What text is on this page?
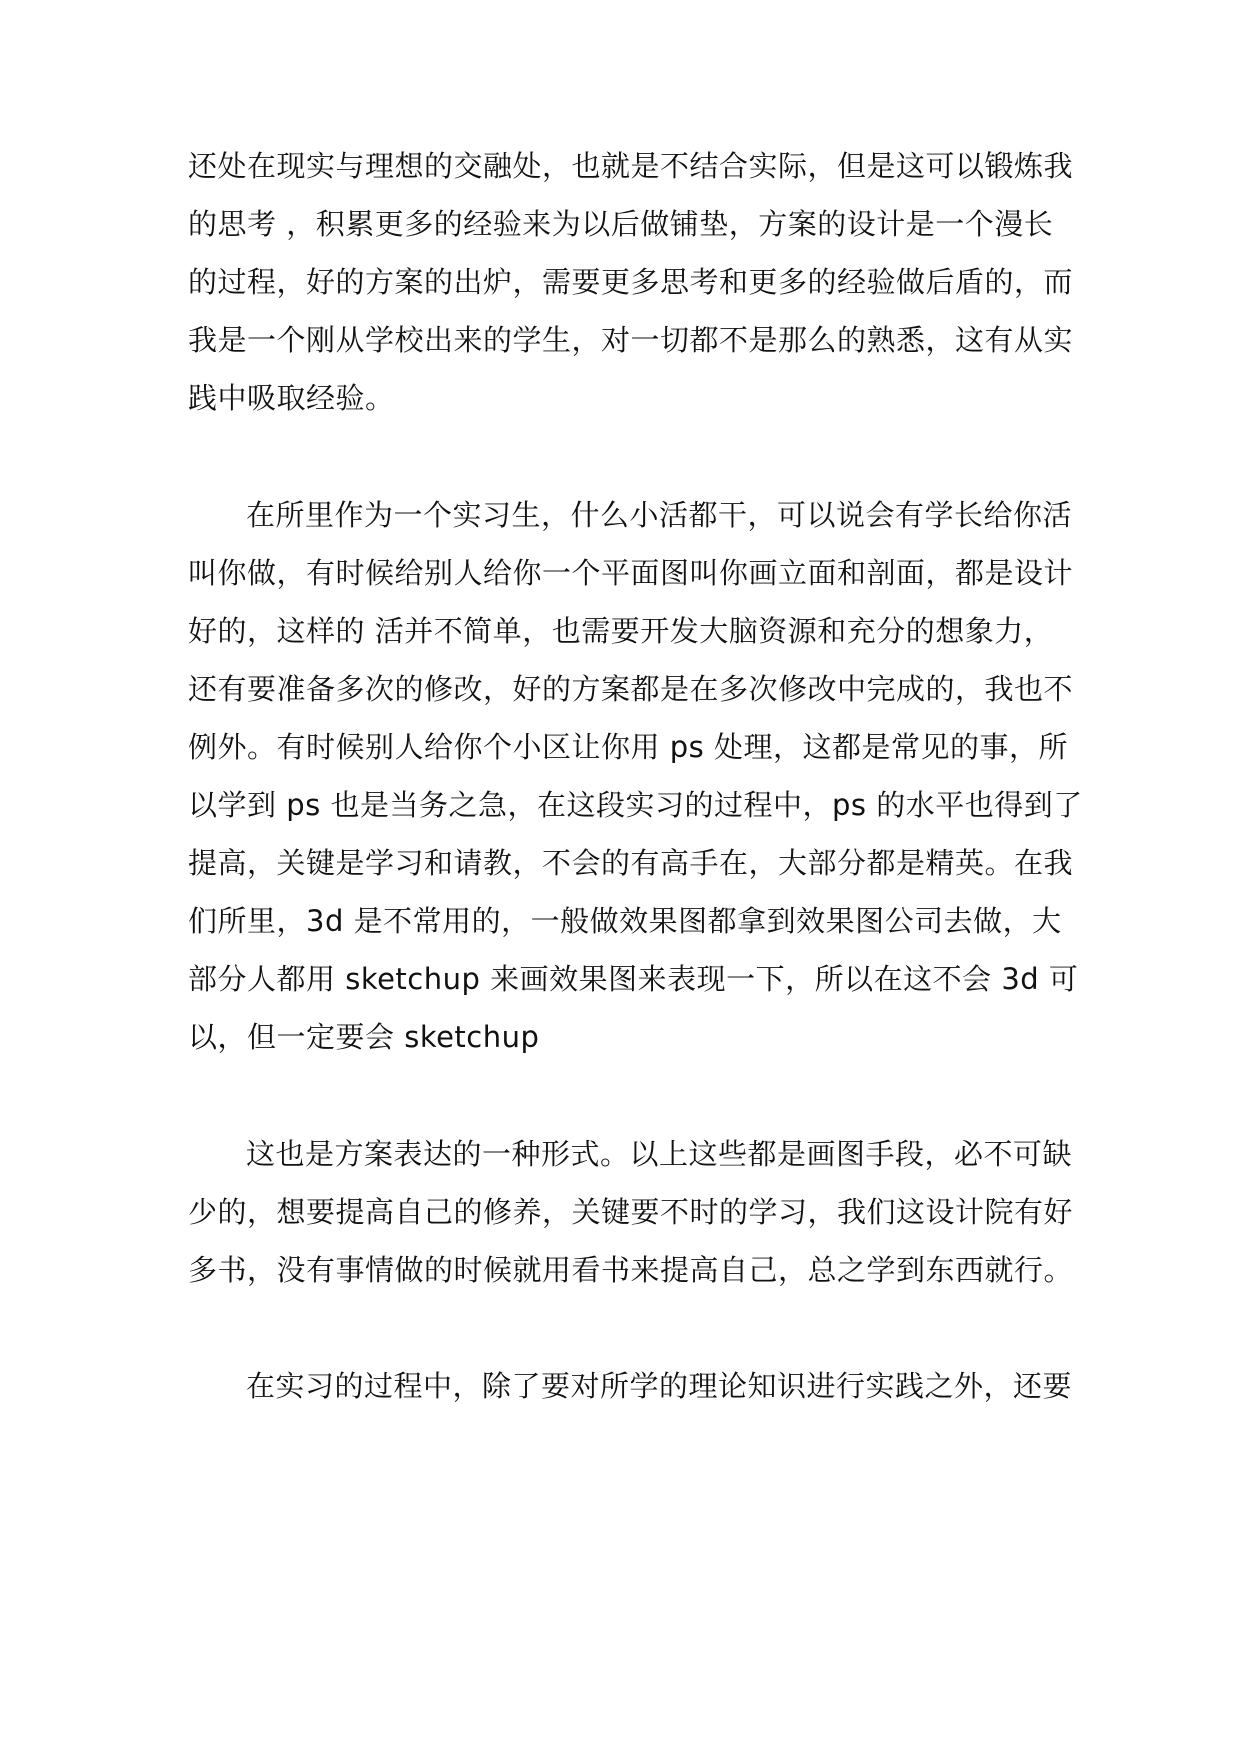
还处在现实与理想的交融处，也就是不结合实际，但是这可以锻炼我
的思考 ，积累更多的经验来为以后做铺垫，方案的设计是一个漫长
的过程，好的方案的出炉，需要更多思考和更多的经验做后盾的，而
我是一个刚从学校出来的学生，对一切都不是那么的熟悉，这有从实
践中吸取经验。
在所里作为一个实习生，什么小活都干，可以说会有学长给你活
叫你做，有时候给别人给你一个平面图叫你画立面和剖面，都是设计
好的，这样的 活并不简单，也需要开发大脑资源和充分的想象力，
还有要准备多次的修改，好的方案都是在多次修改中完成的，我也不
例外。有时候别人给你个小区让你用 ps 处理，这都是常见的事，所
以学到 ps 也是当务之急，在这段实习的过程中，ps 的水平也得到了
提高，关键是学习和请教，不会的有高手在，大部分都是精英。在我
们所里，3d 是不常用的，一般做效果图都拿到效果图公司去做，大
部分人都用 sketchup 来画效果图来表现一下，所以在这不会 3d 可
以，但一定要会 sketchup
这也是方案表达的一种形式。以上这些都是画图手段，必不可缺
少的，想要提高自己的修养，关键要不时的学习，我们这设计院有好
多书，没有事情做的时候就用看书来提高自己，总之学到东西就行。
在实习的过程中，除了要对所学的理论知识进行实践之外，还要
